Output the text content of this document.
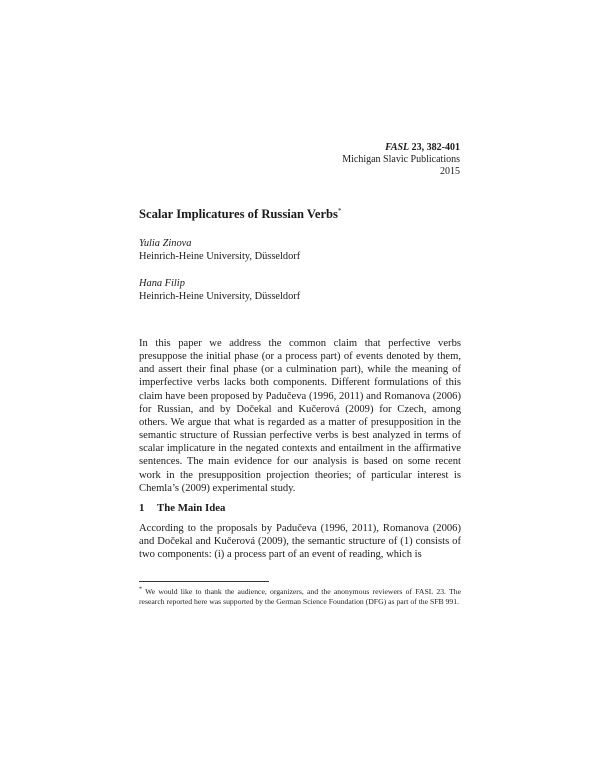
FASL 23, 382-401
Michigan Slavic Publications
2015
Scalar Implicatures of Russian Verbs*
Yulia Zinova
Heinrich-Heine University, Düsseldorf
Hana Filip
Heinrich-Heine University, Düsseldorf

In this paper we address the common claim that perfective verbs presuppose the initial phase (or a process part) of events denoted by them, and assert their final phase (or a culmination part), while the meaning of imperfective verbs lacks both components. Different formulations of this claim have been proposed by Padučeva (1996, 2011) and Romanova (2006) for Russian, and by Dočekal and Kučerová (2009) for Czech, among others. We argue that what is regarded as a matter of presupposition in the semantic structure of Russian perfective verbs is best analyzed in terms of scalar implicature in the negated contexts and entailment in the affirmative sentences. The main evidence for our analysis is based on some recent work in the presupposition projection theories; of particular interest is Chemla’s (2009) experimental study.

1 The Main Idea

According to the proposals by Padučeva (1996, 2011), Romanova (2006) and Dočekal and Kučerová (2009), the semantic structure of (1) consists of two components: (i) a process part of an event of reading, which is

* We would like to thank the audience, organizers, and the anonymous reviewers of FASL 23. The research reported here was supported by the German Science Foundation (DFG) as part of the SFB 991.
